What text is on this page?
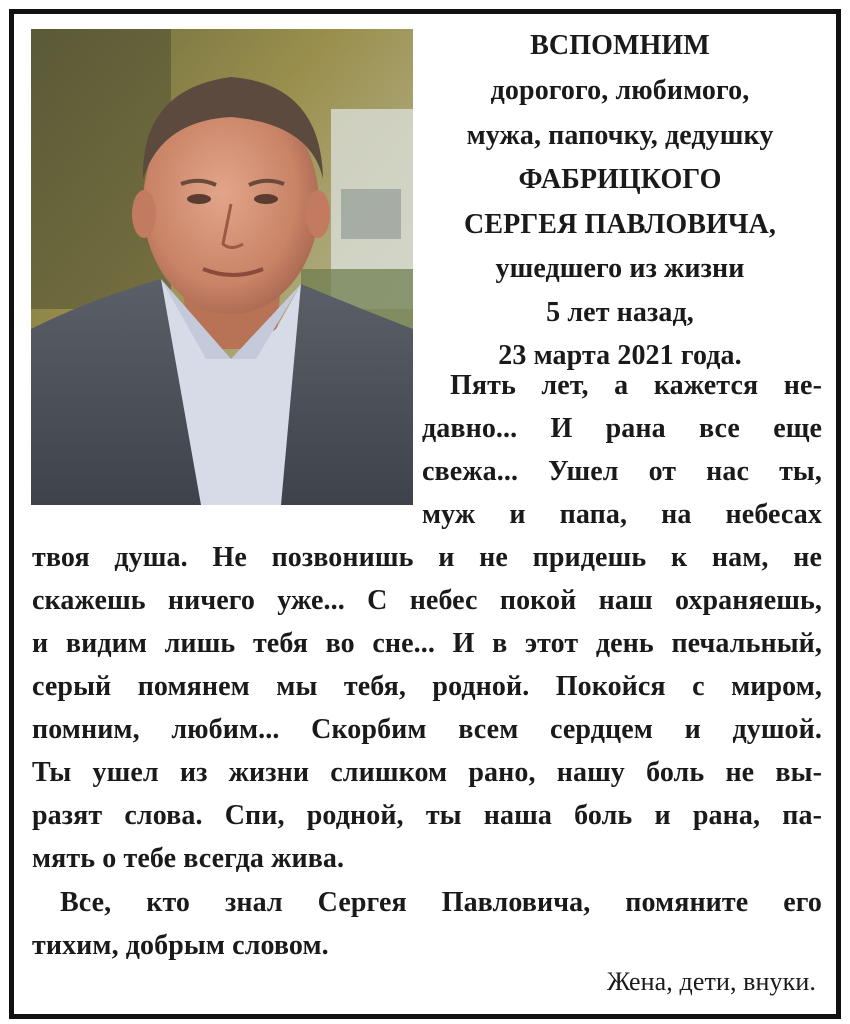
ВСПОМНИМ
дорогого, любимого,
мужа, папочку, дедушку
ФАБРИЦКОГО
СЕРГЕЯ ПАВЛОВИЧА,
ушедшего из жизни
5 лет назад,
23 марта 2021 года.
Пять лет, а кажется не-
давно... И рана все еще
свежа... Ушел от нас ты,
муж и папа, на небесах
твоя душа. Не позвонишь и не придешь к нам, не
скажешь ничего уже... С небес покой наш охраняешь,
и видим лишь тебя во сне... И в этот день печальный,
серый помянем мы тебя, родной. Покойся с миром,
помним, любим... Скорбим всем сердцем и душой.
Ты ушел из жизни слишком рано, нашу боль не вы-
разят слова. Спи, родной, ты наша боль и рана, па-
мять о тебе всегда жива.
Все, кто знал Сергея Павловича, помяните его
тихим, добрым словом.
Жена, дети, внуки.
